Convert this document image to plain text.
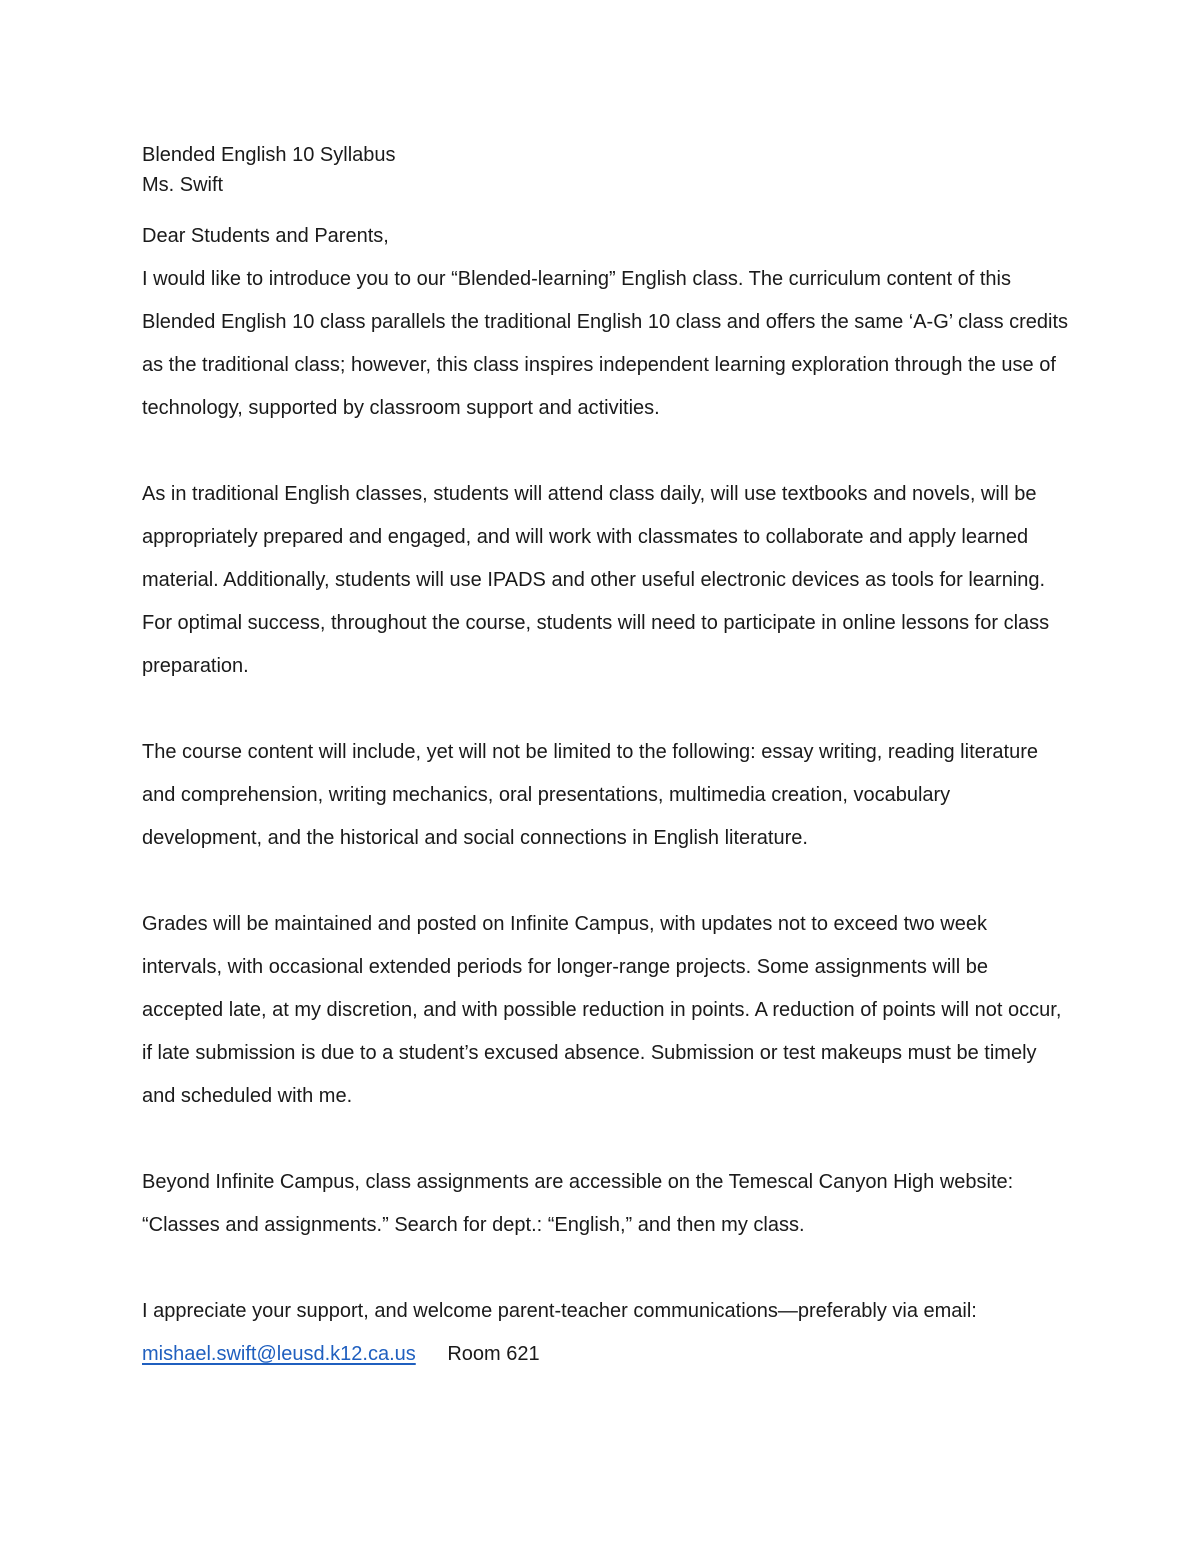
Blended English 10 Syllabus
Ms. Swift
Dear Students and Parents,

I would like to introduce you to our “Blended-learning” English class. The curriculum content of this Blended English 10 class parallels the traditional English 10 class and offers the same ‘A-G’ class credits as the traditional class; however, this class inspires independent learning exploration through the use of technology, supported by classroom support and activities.

As in traditional English classes, students will attend class daily, will use textbooks and novels, will be appropriately prepared and engaged, and will work with classmates to collaborate and apply learned material. Additionally, students will use IPADS and other useful electronic devices as tools for learning. For optimal success, throughout the course, students will need to participate in online lessons for class preparation.

The course content will include, yet will not be limited to the following: essay writing, reading literature and comprehension, writing mechanics, oral presentations, multimedia creation, vocabulary development, and the historical and social connections in English literature.

Grades will be maintained and posted on Infinite Campus, with updates not to exceed two week intervals, with occasional extended periods for longer-range projects. Some assignments will be accepted late, at my discretion, and with possible reduction in points. A reduction of points will not occur, if late submission is due to a student’s excused absence. Submission or test makeups must be timely and scheduled with me.

Beyond Infinite Campus, class assignments are accessible on the Temescal Canyon High website: “Classes and assignments.” Search for dept.: “English,” and then my class.

I appreciate your support, and welcome parent-teacher communications—preferably via email:

mishael.swift@leusd.k12.ca.us Room 621
